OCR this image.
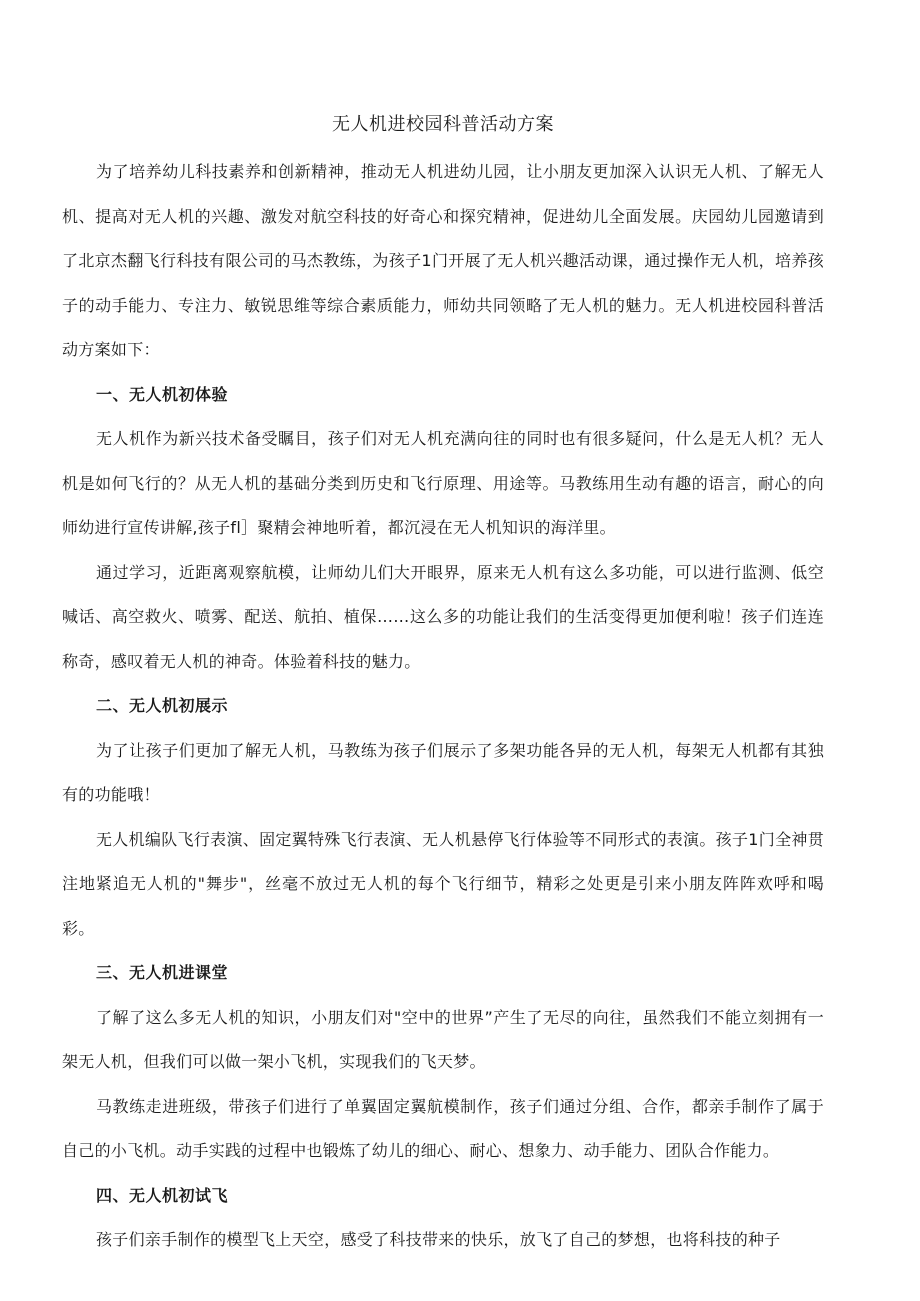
无人机进校园科普活动方案

为了培养幼儿科技素养和创新精神，推动无人机进幼儿园，让小朋友更加深入认识无人机、了解无人机、提高对无人机的兴趣、激发对航空科技的好奇心和探究精神，促进幼儿全面发展。庆园幼儿园邀请到了北京杰翻飞行科技有限公司的马杰教练，为孩子1门开展了无人机兴趣活动课，通过操作无人机，培养孩子的动手能力、专注力、敏锐思维等综合素质能力，师幼共同领略了无人机的魅力。无人机进校园科普活动方案如下：

一、无人机初体验

无人机作为新兴技术备受瞩目，孩子们对无人机充满向往的同时也有很多疑问，什么是无人机？无人机是如何飞行的？从无人机的基础分类到历史和飞行原理、用途等。马教练用生动有趣的语言，耐心的向师幼进行宣传讲解,孩子fl］聚精会神地听着，都沉浸在无人机知识的海洋里。

通过学习，近距离观察航模，让师幼儿们大开眼界，原来无人机有这么多功能，可以进行监测、低空喊话、高空救火、喷雾、配送、航拍、植保……这么多的功能让我们的生活变得更加便利啦！孩子们连连称奇，感叹着无人机的神奇。体验着科技的魅力。

二、无人机初展示

为了让孩子们更加了解无人机，马教练为孩子们展示了多架功能各异的无人机，每架无人机都有其独有的功能哦！

无人机编队飞行表演、固定翼特殊飞行表演、无人机悬停飞行体验等不同形式的表演。孩子1门全神贯注地紧追无人机的"舞步"，丝毫不放过无人机的每个飞行细节，精彩之处更是引来小朋友阵阵欢呼和喝彩。

三、无人机进课堂

了解了这么多无人机的知识，小朋友们对"空中的世界”产生了无尽的向往，虽然我们不能立刻拥有一架无人机，但我们可以做一架小飞机，实现我们的飞天梦。

马教练走进班级，带孩子们进行了单翼固定翼航模制作，孩子们通过分组、合作，都亲手制作了属于自己的小飞机。动手实践的过程中也锻炼了幼儿的细心、耐心、想象力、动手能力、团队合作能力。

四、无人机初试飞

孩子们亲手制作的模型飞上天空，感受了科技带来的快乐，放飞了自己的梦想，也将科技的种子
